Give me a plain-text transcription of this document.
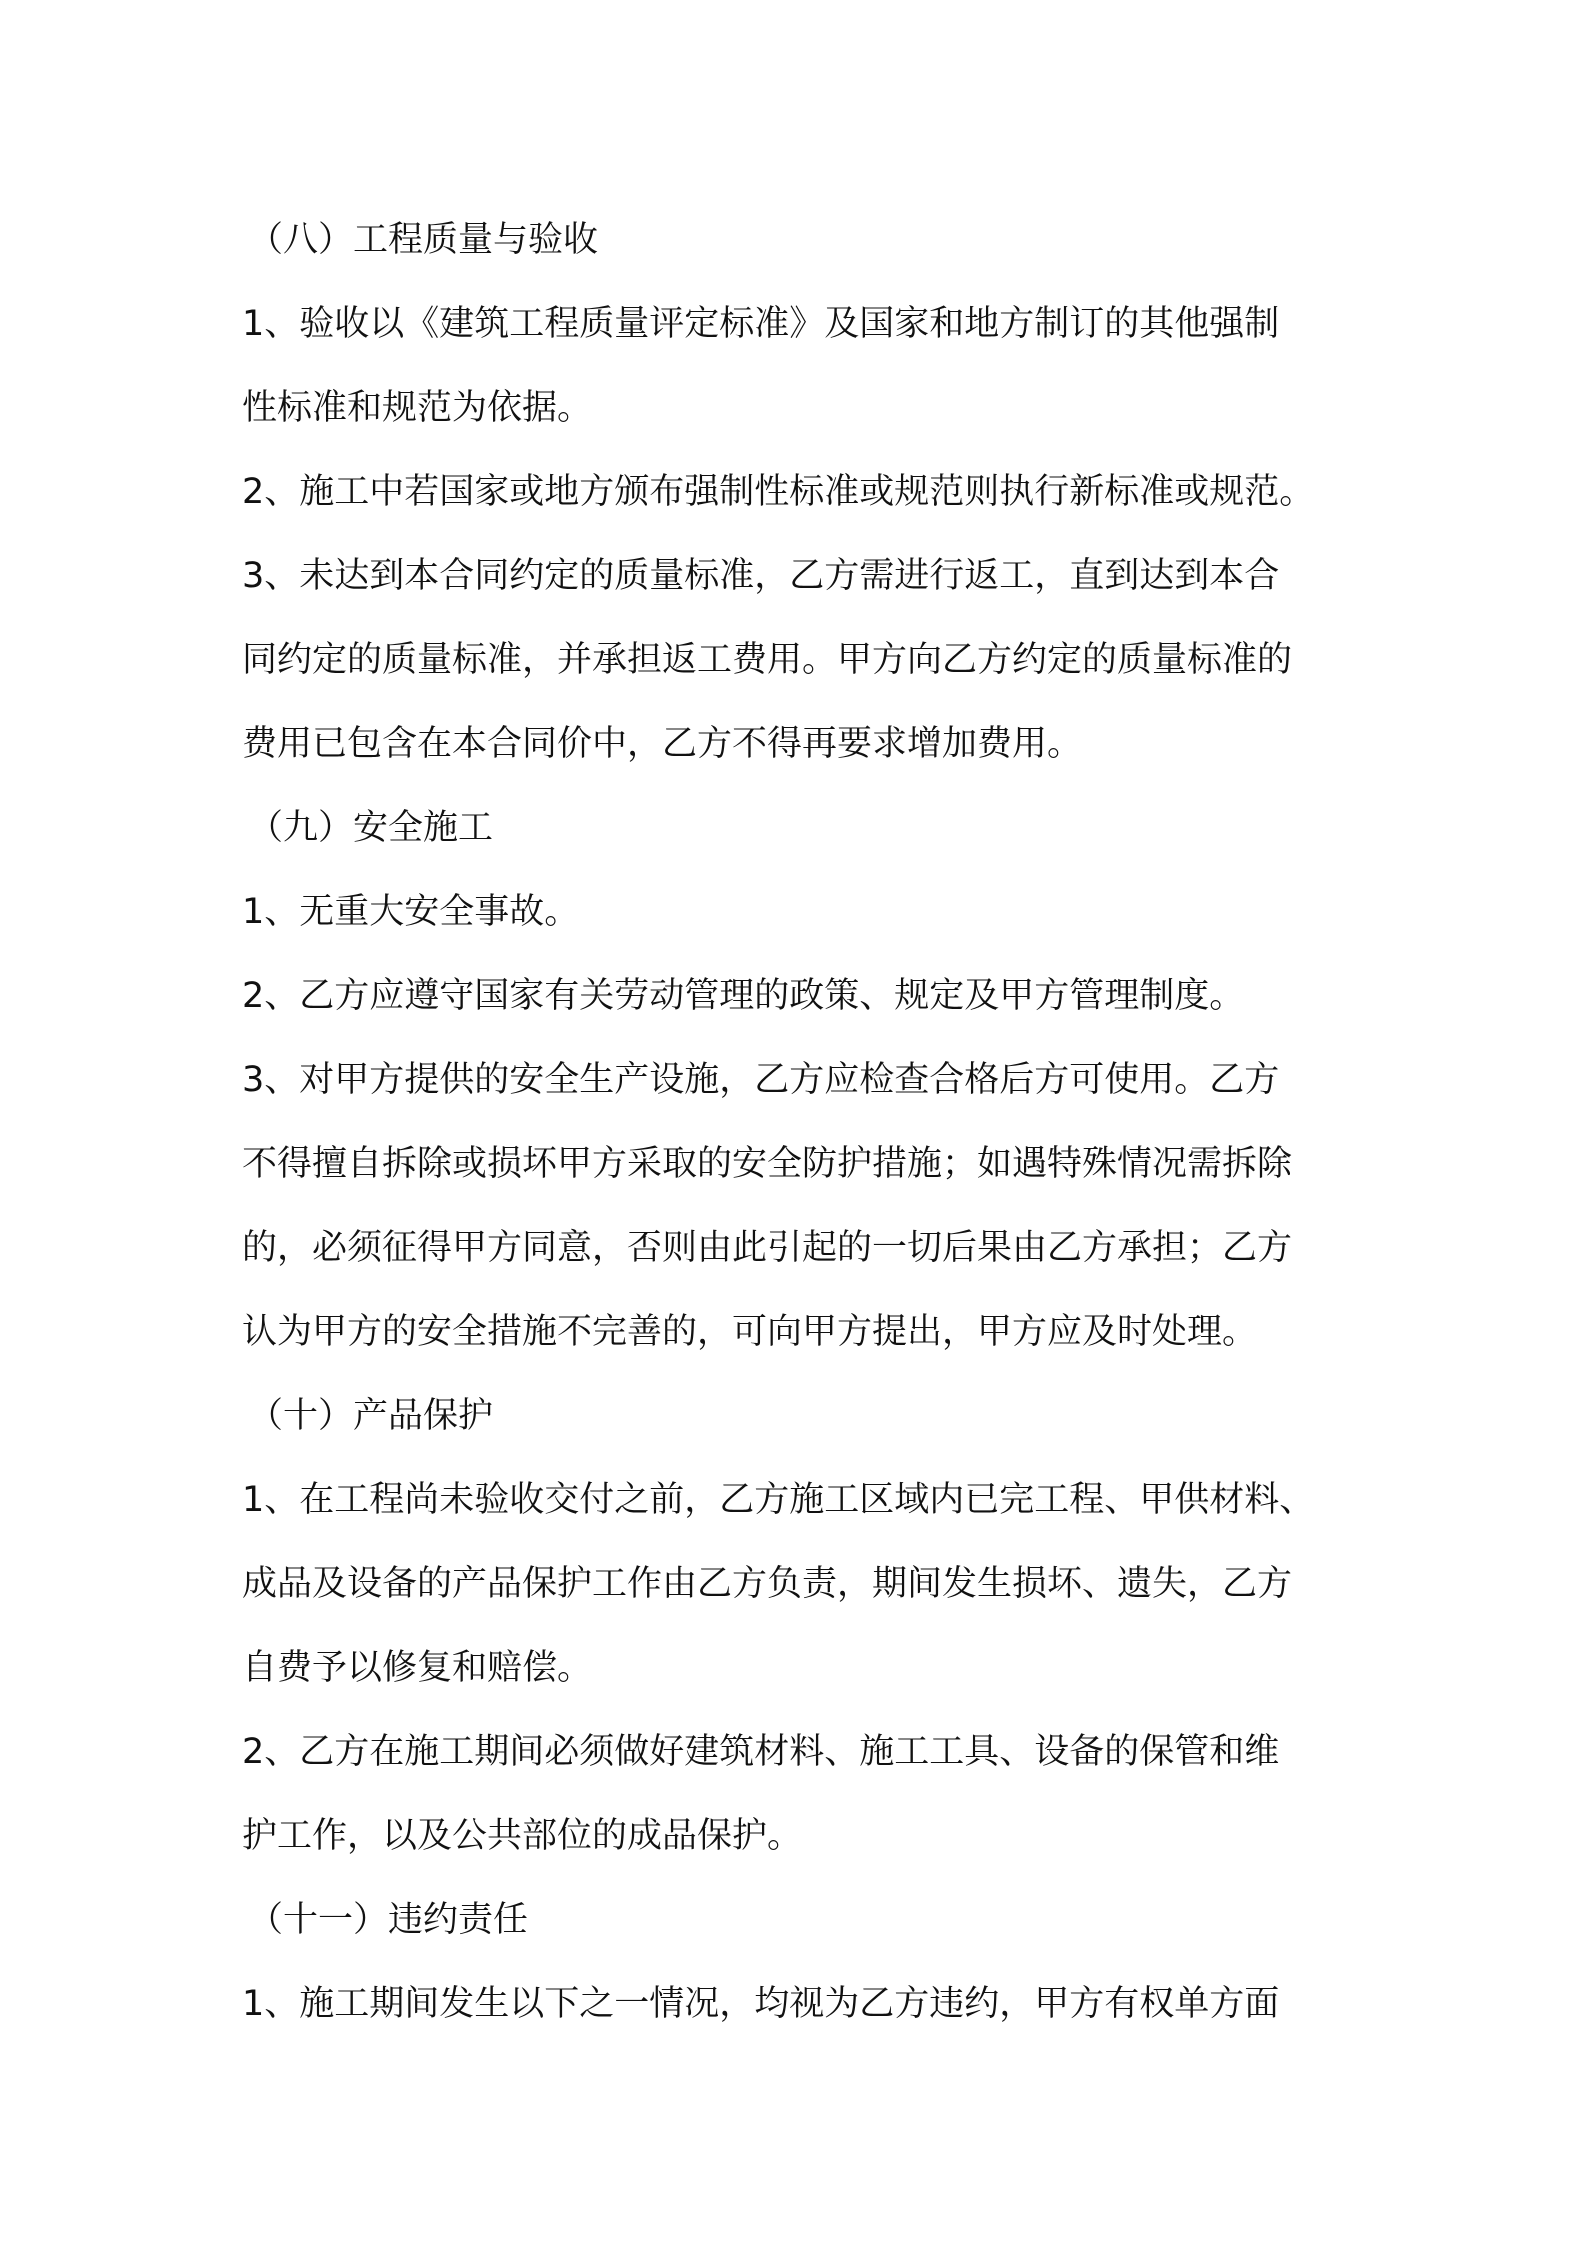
（八）工程质量与验收
1、验收以《建筑工程质量评定标准》及国家和地方制订的其他强制
性标准和规范为依据。
2、施工中若国家或地方颁布强制性标准或规范则执行新标准或规范。
3、未达到本合同约定的质量标准，乙方需进行返工，直到达到本合
同约定的质量标准，并承担返工费用。甲方向乙方约定的质量标准的
费用已包含在本合同价中，乙方不得再要求增加费用。
（九）安全施工
1、无重大安全事故。
2、乙方应遵守国家有关劳动管理的政策、规定及甲方管理制度。
3、对甲方提供的安全生产设施，乙方应检查合格后方可使用。乙方
不得擅自拆除或损坏甲方采取的安全防护措施；如遇特殊情况需拆除
的，必须征得甲方同意，否则由此引起的一切后果由乙方承担；乙方
认为甲方的安全措施不完善的，可向甲方提出，甲方应及时处理。
（十）产品保护
1、在工程尚未验收交付之前，乙方施工区域内已完工程、甲供材料、
成品及设备的产品保护工作由乙方负责，期间发生损坏、遗失，乙方
自费予以修复和赔偿。
2、乙方在施工期间必须做好建筑材料、施工工具、设备的保管和维
护工作，以及公共部位的成品保护。
（十一）违约责任
1、施工期间发生以下之一情况，均视为乙方违约，甲方有权单方面
